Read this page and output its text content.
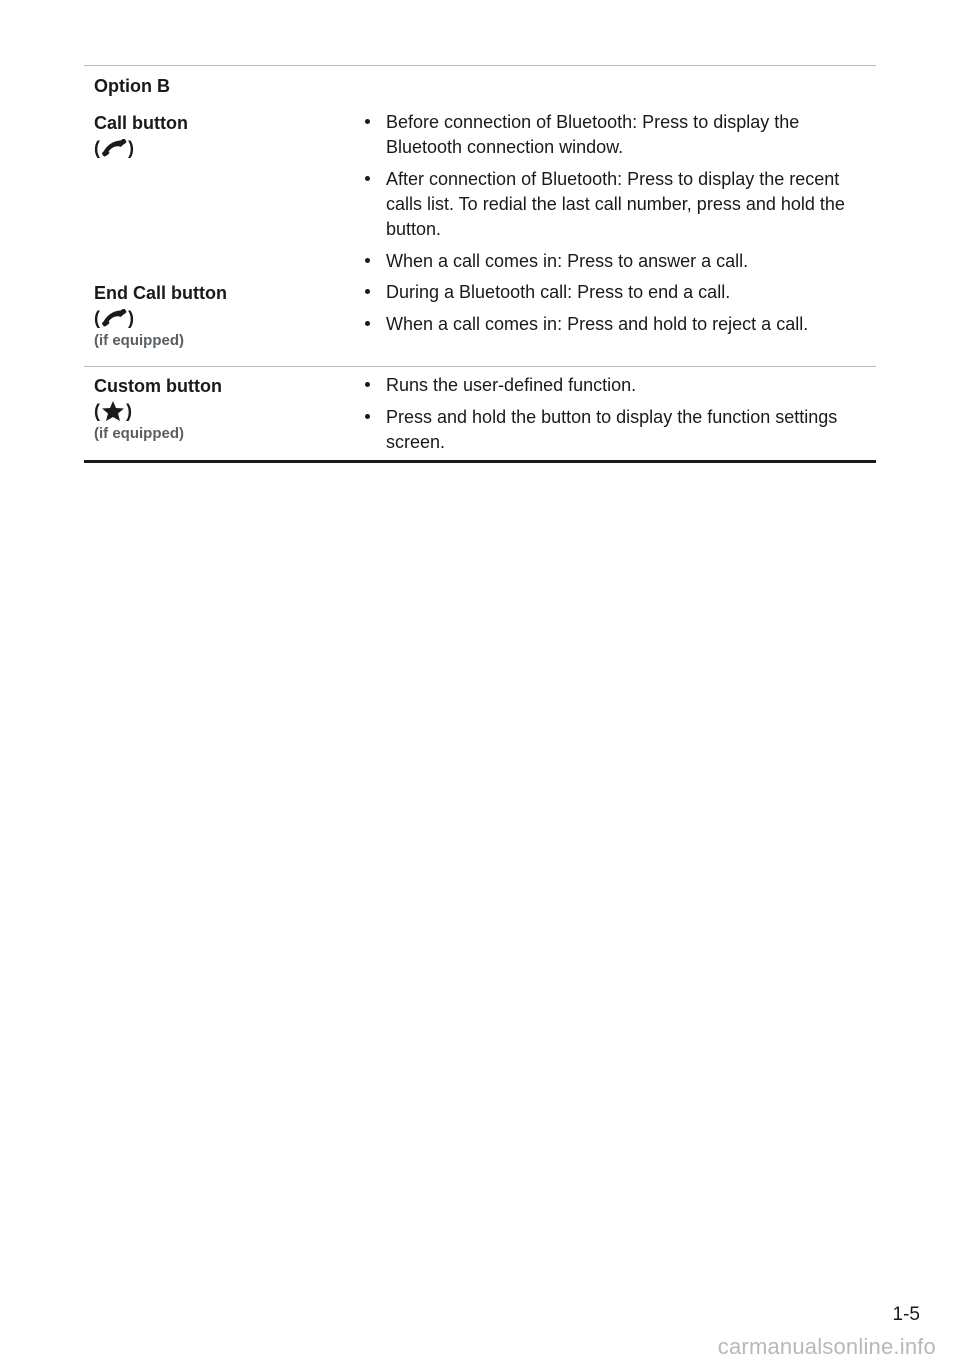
Option B
Call button
( )
Before connection of Bluetooth: Press to display the Bluetooth connection window.
After connection of Bluetooth: Press to display the recent calls list. To redial the last call number, press and hold the button.
When a call comes in: Press to answer a call.
End Call button
( )
(if equipped)
During a Bluetooth call: Press to end a call.
When a call comes in: Press and hold to reject a call.
Custom button
( )
(if equipped)
Runs the user-defined function.
Press and hold the button to display the function settings screen.
1-5
carmanualsonline.info
